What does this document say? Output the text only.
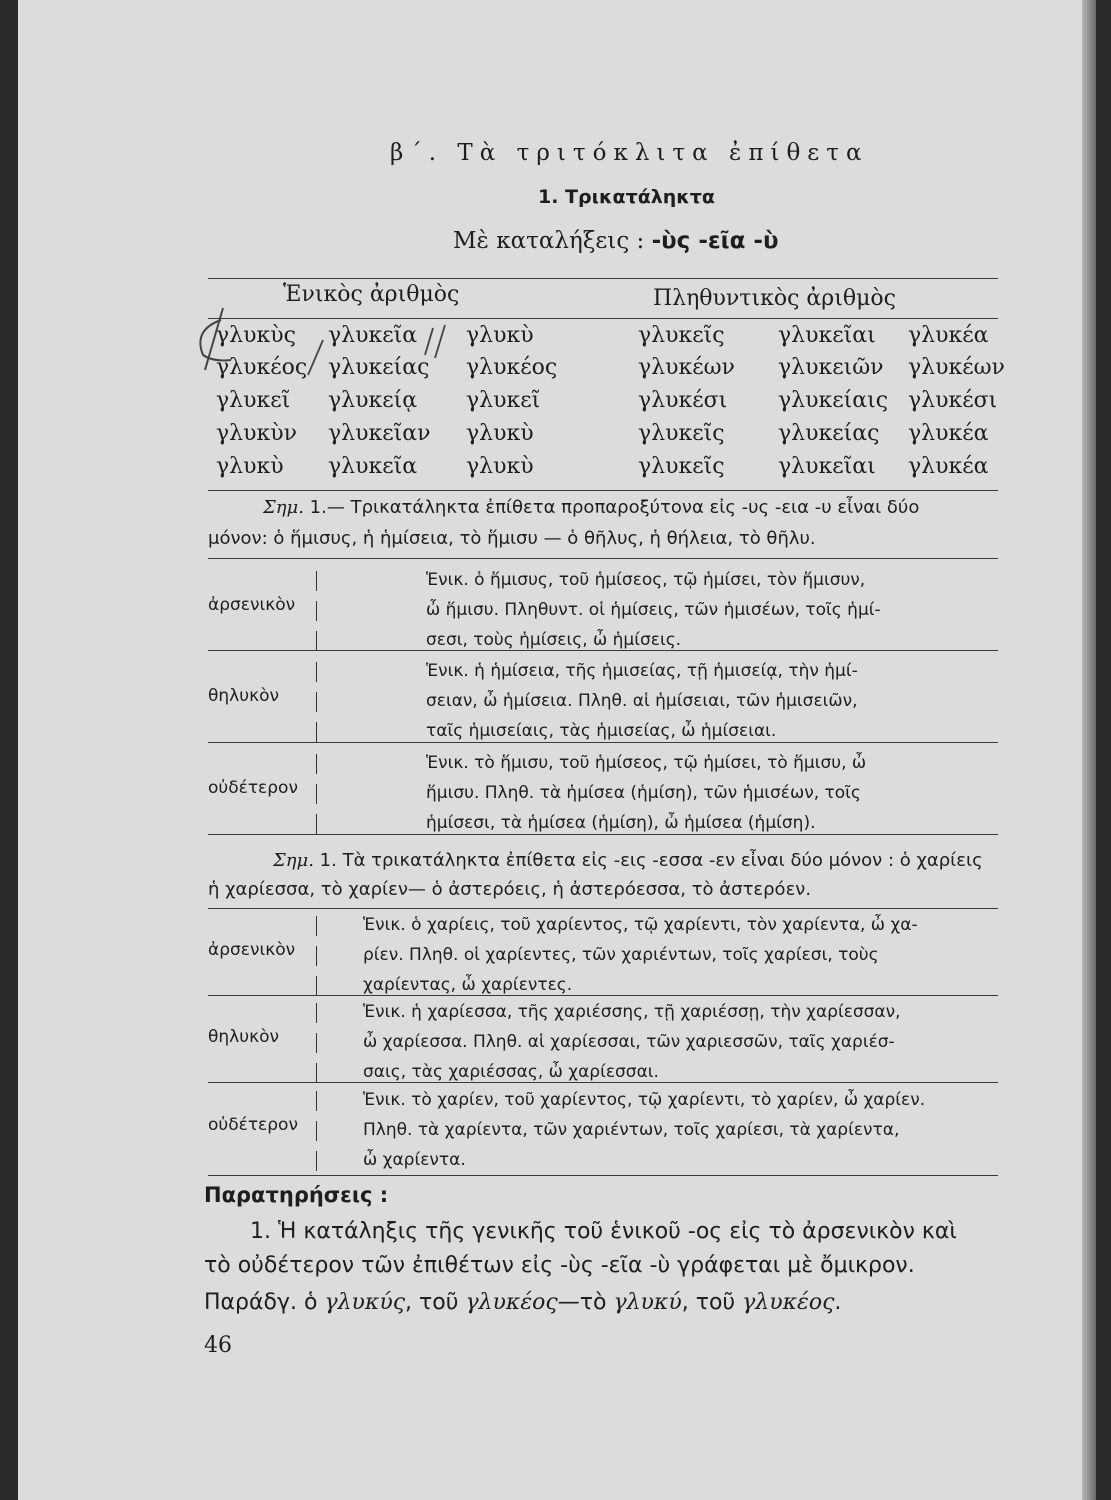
β΄. Τὰ τριτόκλιτα ἐπίθετα
1. Τρικατάληκτα
Μὲ καταλήξεις : -ὺς -εῖα -ὺ
Ἑνικὸς ἀριθμὸς	Πληθυντικὸς ἀριθμὸς
γλυκὺς γλυκεῖα γλυκὺ	γλυκεῖς γλυκεῖαι γλυκέα
γλυκέος γλυκείας γλυκέος	γλυκέων γλυκειῶν γλυκέων
γλυκεῖ γλυκείᾳ γλυκεῖ	γλυκέσι γλυκείαις γλυκέσι
γλυκὺν γλυκεῖαν γλυκὺ	γλυκεῖς γλυκείας γλυκέα
γλυκὺ γλυκεῖα γλυκὺ	γλυκεῖς γλυκεῖαι γλυκέα
Σημ. 1.— Τρικατάληκτα ἐπίθετα προπαροξύτονα εἰς -υς -εια -υ εἶναι δύο
μόνον: ὁ ἥμισυς, ἡ ἡμίσεια, τὸ ἥμισυ — ὁ θῆλυς, ἡ θήλεια, τὸ θῆλυ.
ἀρσενικὸν
Ἑνικ. ὁ ἥμισυς, τοῦ ἡμίσεος, τῷ ἡμίσει, τὸν ἥμισυν,
ὦ ἥμισυ. Πληθυντ. οἱ ἡμίσεις, τῶν ἡμισέων, τοῖς ἡμί-
σεσι, τοὺς ἡμίσεις, ὦ ἡμίσεις.
θηλυκὸν
Ἑνικ. ἡ ἡμίσεια, τῆς ἡμισείας, τῇ ἡμισείᾳ, τὴν ἡμί-
σειαν, ὦ ἡμίσεια. Πληθ. αἱ ἡμίσειαι, τῶν ἡμισειῶν,
ταῖς ἡμισείαις, τὰς ἡμισείας, ὦ ἡμίσειαι.
οὐδέτερον
Ἑνικ. τὸ ἥμισυ, τοῦ ἡμίσεος, τῷ ἡμίσει, τὸ ἥμισυ, ὦ
ἥμισυ. Πληθ. τὰ ἡμίσεα (ἡμίση), τῶν ἡμισέων, τοῖς
ἡμίσεσι, τὰ ἡμίσεα (ἡμίση), ὦ ἡμίσεα (ἡμίση).
Σημ. 1. Τὰ τρικατάληκτα ἐπίθετα εἰς -εις -εσσα -εν εἶναι δύο μόνον : ὁ χαρίεις
ἡ χαρίεσσα, τὸ χαρίεν— ὁ ἀστερόεις, ἡ ἀστερόεσσα, τὸ ἀστερόεν.
ἀρσενικὸν
Ἑνικ. ὁ χαρίεις, τοῦ χαρίεντος, τῷ χαρίεντι, τὸν χαρίεντα, ὦ χα-
ρίεν. Πληθ. οἱ χαρίεντες, τῶν χαριέντων, τοῖς χαρίεσι, τοὺς
χαρίεντας, ὦ χαρίεντες.
θηλυκὸν
Ἑνικ. ἡ χαρίεσσα, τῆς χαριέσσης, τῇ χαριέσσῃ, τὴν χαρίεσσαν,
ὦ χαρίεσσα. Πληθ. αἱ χαρίεσσαι, τῶν χαριεσσῶν, ταῖς χαριέσ-
σαις, τὰς χαριέσσας, ὦ χαρίεσσαι.
οὐδέτερον
Ἑνικ. τὸ χαρίεν, τοῦ χαρίεντος, τῷ χαρίεντι, τὸ χαρίεν, ὦ χαρίεν.
Πληθ. τὰ χαρίεντα, τῶν χαριέντων, τοῖς χαρίεσι, τὰ χαρίεντα,
ὦ χαρίεντα.
Παρατηρήσεις :
1. Ἡ κατάληξις τῆς γενικῆς τοῦ ἑνικοῦ -ος εἰς τὸ ἀρσενικὸν καὶ
τὸ οὐδέτερον τῶν ἐπιθέτων εἰς -ὺς -εῖα -ὺ γράφεται μὲ ὄμικρον.
Παράδγ. ὁ γλυκύς, τοῦ γλυκέος—τὸ γλυκύ, τοῦ γλυκέος.
46
